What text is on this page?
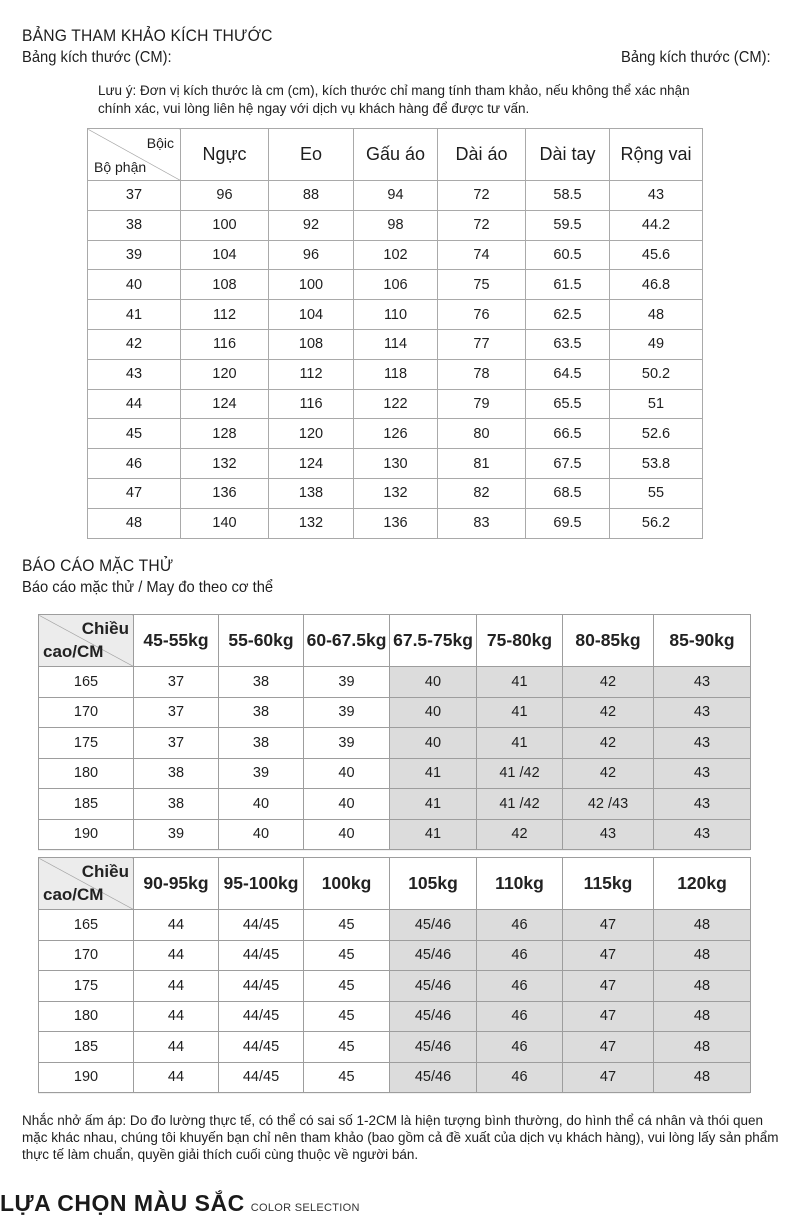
BẢNG THAM KHẢO KÍCH THƯỚC
Bảng kích thước (CM):	Bảng kích thước (CM):
Lưu ý: Đơn vị kích thước là cm (cm), kích thước chỉ mang tính tham khảo, nếu không thể xác nhận chính xác, vui lòng liên hệ ngay với dịch vụ khách hàng để được tư vấn.
Bộic
Bộ phận	Ngực	Eo	Gấu áo	Dài áo	Dài tay	Rộng vai
37	96	88	94	72	58.5	43
38	100	92	98	72	59.5	44.2
39	104	96	102	74	60.5	45.6
40	108	100	106	75	61.5	46.8
41	112	104	110	76	62.5	48
42	116	108	114	77	63.5	49
43	120	112	118	78	64.5	50.2
44	124	116	122	79	65.5	51
45	128	120	126	80	66.5	52.6
46	132	124	130	81	67.5	53.8
47	136	138	132	82	68.5	55
48	140	132	136	83	69.5	56.2
BÁO CÁO MẶC THỬ
Báo cáo mặc thử / May đo theo cơ thể
Chiều
cao/CM	45-55kg	55-60kg	60-67.5kg	67.5-75kg	75-80kg	80-85kg	85-90kg
165	37	38	39	40	41	42	43
170	37	38	39	40	41	42	43
175	37	38	39	40	41	42	43
180	38	39	40	41	41 /42	42	43
185	38	40	40	41	41 /42	42 /43	43
190	39	40	40	41	42	43	43
Chiều
cao/CM	90-95kg	95-100kg	100kg	105kg	110kg	115kg	120kg
165	44	44/45	45	45/46	46	47	48
170	44	44/45	45	45/46	46	47	48
175	44	44/45	45	45/46	46	47	48
180	44	44/45	45	45/46	46	47	48
185	44	44/45	45	45/46	46	47	48
190	44	44/45	45	45/46	46	47	48
Nhắc nhở ấm áp: Do đo lường thực tế, có thể có sai số 1-2CM là hiện tượng bình thường, do hình thể cá nhân và thói quen mặc khác nhau, chúng tôi khuyến bạn chỉ nên tham khảo (bao gồm cả đề xuất của dịch vụ khách hàng), vui lòng lấy sản phẩm thực tế làm chuẩn, quyền giải thích cuối cùng thuộc về người bán.
LỰA CHỌN MÀU SẮC COLOR SELECTION
